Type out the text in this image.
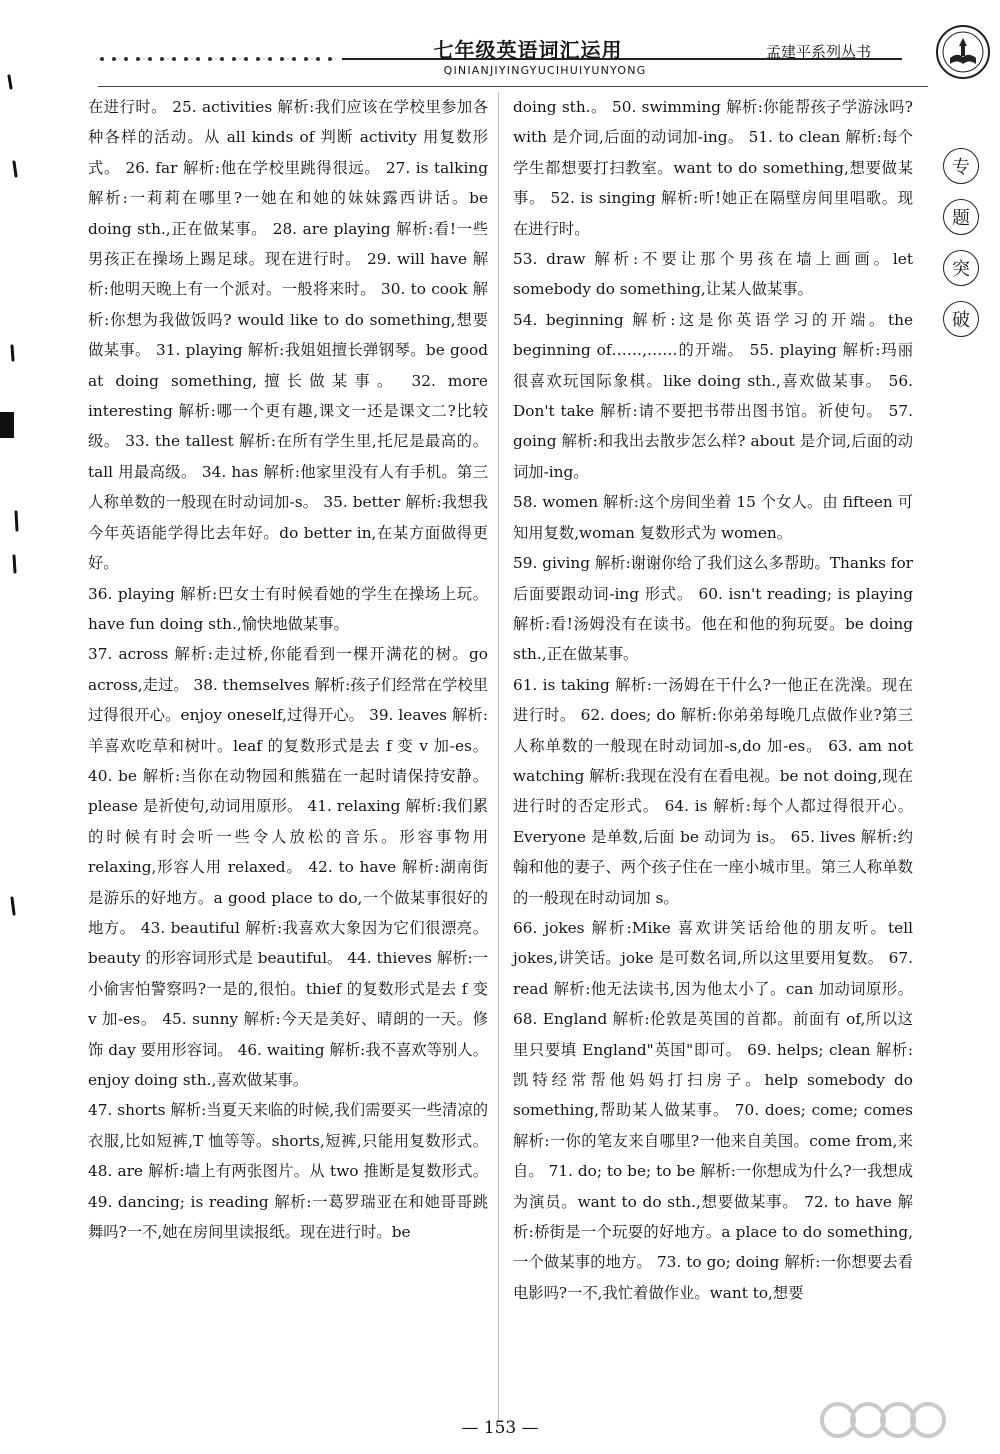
七年级英语词汇运用
QINIANJIYINGYUCIHUIYUNYONG
孟建平系列丛书
专
题
突
破

在进行时。 25. activities 解析:我们应该在学校里参加各种各样的活动。从 all kinds of 判断 activity 用复数形式。 26. far 解析:他在学校里跳得很远。 27. is talking 解析:一莉莉在哪里?一她在和她的妹妹露西讲话。be doing sth.,正在做某事。 28. are playing 解析:看!一些男孩正在操场上踢足球。现在进行时。 29. will have 解析:他明天晚上有一个派对。一般将来时。 30. to cook 解析:你想为我做饭吗? would like to do something,想要做某事。 31. playing 解析:我姐姐擅长弹钢琴。be good at doing something,擅长做某事。 32. more interesting 解析:哪一个更有趣,课文一还是课文二?比较级。 33. the tallest 解析:在所有学生里,托尼是最高的。tall 用最高级。 34. has 解析:他家里没有人有手机。第三人称单数的一般现在时动词加-s。 35. better 解析:我想我今年英语能学得比去年好。do better in,在某方面做得更好。

36. playing 解析:巴女士有时候看她的学生在操场上玩。have fun doing sth.,愉快地做某事。

37. across 解析:走过桥,你能看到一棵开满花的树。go across,走过。 38. themselves 解析:孩子们经常在学校里过得很开心。enjoy oneself,过得开心。 39. leaves 解析:羊喜欢吃草和树叶。leaf 的复数形式是去 f 变 v 加-es。 40. be 解析:当你在动物园和熊猫在一起时请保持安静。please 是祈使句,动词用原形。 41. relaxing 解析:我们累的时候有时会听一些令人放松的音乐。形容事物用 relaxing,形容人用 relaxed。 42. to have 解析:湖南街是游乐的好地方。a good place to do,一个做某事很好的地方。 43. beautiful 解析:我喜欢大象因为它们很漂亮。beauty 的形容词形式是 beautiful。 44. thieves 解析:一小偷害怕警察吗?一是的,很怕。thief 的复数形式是去 f 变 v 加-es。 45. sunny 解析:今天是美好、晴朗的一天。修饰 day 要用形容词。 46. waiting 解析:我不喜欢等别人。enjoy doing sth.,喜欢做某事。

47. shorts 解析:当夏天来临的时候,我们需要买一些清凉的衣服,比如短裤,T 恤等等。shorts,短裤,只能用复数形式。 48. are 解析:墙上有两张图片。从 two 推断是复数形式。 49. dancing; is reading 解析:一葛罗瑞亚在和她哥哥跳舞吗?一不,她在房间里读报纸。现在进行时。be

doing sth.。 50. swimming 解析:你能帮孩子学游泳吗? with 是介词,后面的动词加-ing。 51. to clean 解析:每个学生都想要打扫教室。want to do something,想要做某事。 52. is singing 解析:听!她正在隔壁房间里唱歌。现在进行时。

53. draw 解析:不要让那个男孩在墙上画画。let somebody do something,让某人做某事。

54. beginning 解析:这是你英语学习的开端。the beginning of……,……的开端。 55. playing 解析:玛丽很喜欢玩国际象棋。like doing sth.,喜欢做某事。 56. Don't take 解析:请不要把书带出图书馆。祈使句。 57. going 解析:和我出去散步怎么样? about 是介词,后面的动词加-ing。

58. women 解析:这个房间坐着 15 个女人。由 fifteen 可知用复数,woman 复数形式为 women。

59. giving 解析:谢谢你给了我们这么多帮助。Thanks for 后面要跟动词-ing 形式。 60. isn't reading; is playing 解析:看!汤姆没有在读书。他在和他的狗玩耍。be doing sth.,正在做某事。

61. is taking 解析:一汤姆在干什么?一他正在洗澡。现在进行时。 62. does; do 解析:你弟弟每晚几点做作业?第三人称单数的一般现在时动词加-s,do 加-es。 63. am not watching 解析:我现在没有在看电视。be not doing,现在进行时的否定形式。 64. is 解析:每个人都过得很开心。Everyone 是单数,后面 be 动词为 is。 65. lives 解析:约翰和他的妻子、两个孩子住在一座小城市里。第三人称单数的一般现在时动词加 s。

66. jokes 解析:Mike 喜欢讲笑话给他的朋友听。tell jokes,讲笑话。joke 是可数名词,所以这里要用复数。 67. read 解析:他无法读书,因为他太小了。can 加动词原形。 68. England 解析:伦敦是英国的首都。前面有 of,所以这里只要填 England"英国"即可。 69. helps; clean 解析:凯特经常帮他妈妈打扫房子。help somebody do something,帮助某人做某事。 70. does; come; comes 解析:一你的笔友来自哪里?一他来自美国。come from,来自。 71. do; to be; to be 解析:一你想成为什么?一我想成为演员。want to do sth.,想要做某事。 72. to have 解析:桥街是一个玩耍的好地方。a place to do something,一个做某事的地方。 73. to go; doing 解析:一你想要去看电影吗?一不,我忙着做作业。want to,想要

— 153 —
